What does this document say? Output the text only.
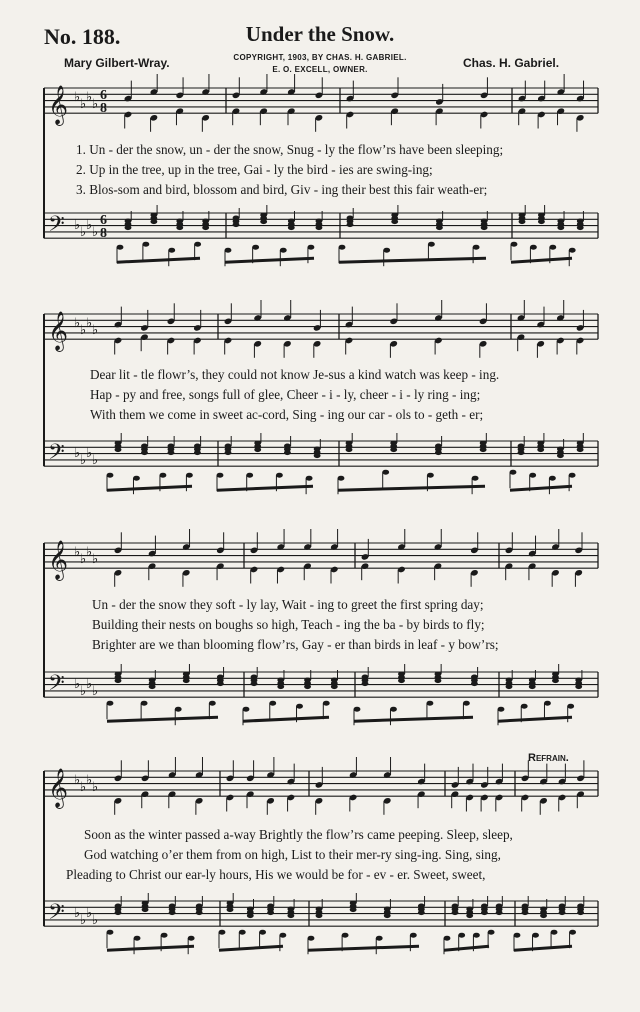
No. 188.	Under the Snow.
Mary Gilbert-Wray.	COPYRIGHT, 1903, BY CHAS. H. GABRIEL.
E. O. EXCELL, OWNER.	Chas. H. Gabriel.
Refrain.
𝄞
𝄢
♭
♭
♭
♭
♭
♭
♭
♭
6
8
6
8
𝄞
𝄢
♭
♭
♭
♭
♭
♭
♭
♭
𝄞
𝄢
♭
♭
♭
♭
♭
♭
♭
♭
𝄞
𝄢
♭
♭
♭
♭
♭
♭
♭
♭
1. Un - der the snow, un - der the snow, Snug - ly the flow’rs have been sleeping;
2. Up in the tree, up in the tree, Gai - ly the bird - ies are swing-ing;
3. Blos-som and bird, blossom and bird, Giv - ing their best this fair weath-er;
Dear lit - tle flowr’s, they could not know Je-sus a kind watch was keep - ing.
Hap - py and free, songs full of glee, Cheer - i - ly, cheer - i - ly ring - ing;
With them we come in sweet ac-cord, Sing - ing our car - ols to - geth - er;
Un - der the snow they soft - ly lay, Wait - ing to greet the first spring day;
Building their nests on boughs so high, Teach - ing the ba - by birds to fly;
Brighter are we than blooming flow’rs, Gay - er than birds in leaf - y bow’rs;
Soon as the winter passed a-way Brightly the flow’rs came peeping. Sleep, sleep,
God watching o’er them from on high, List to their mer-ry sing-ing. Sing, sing,
Pleading to Christ our ear-ly hours, His we would be for - ev - er. Sweet, sweet,
